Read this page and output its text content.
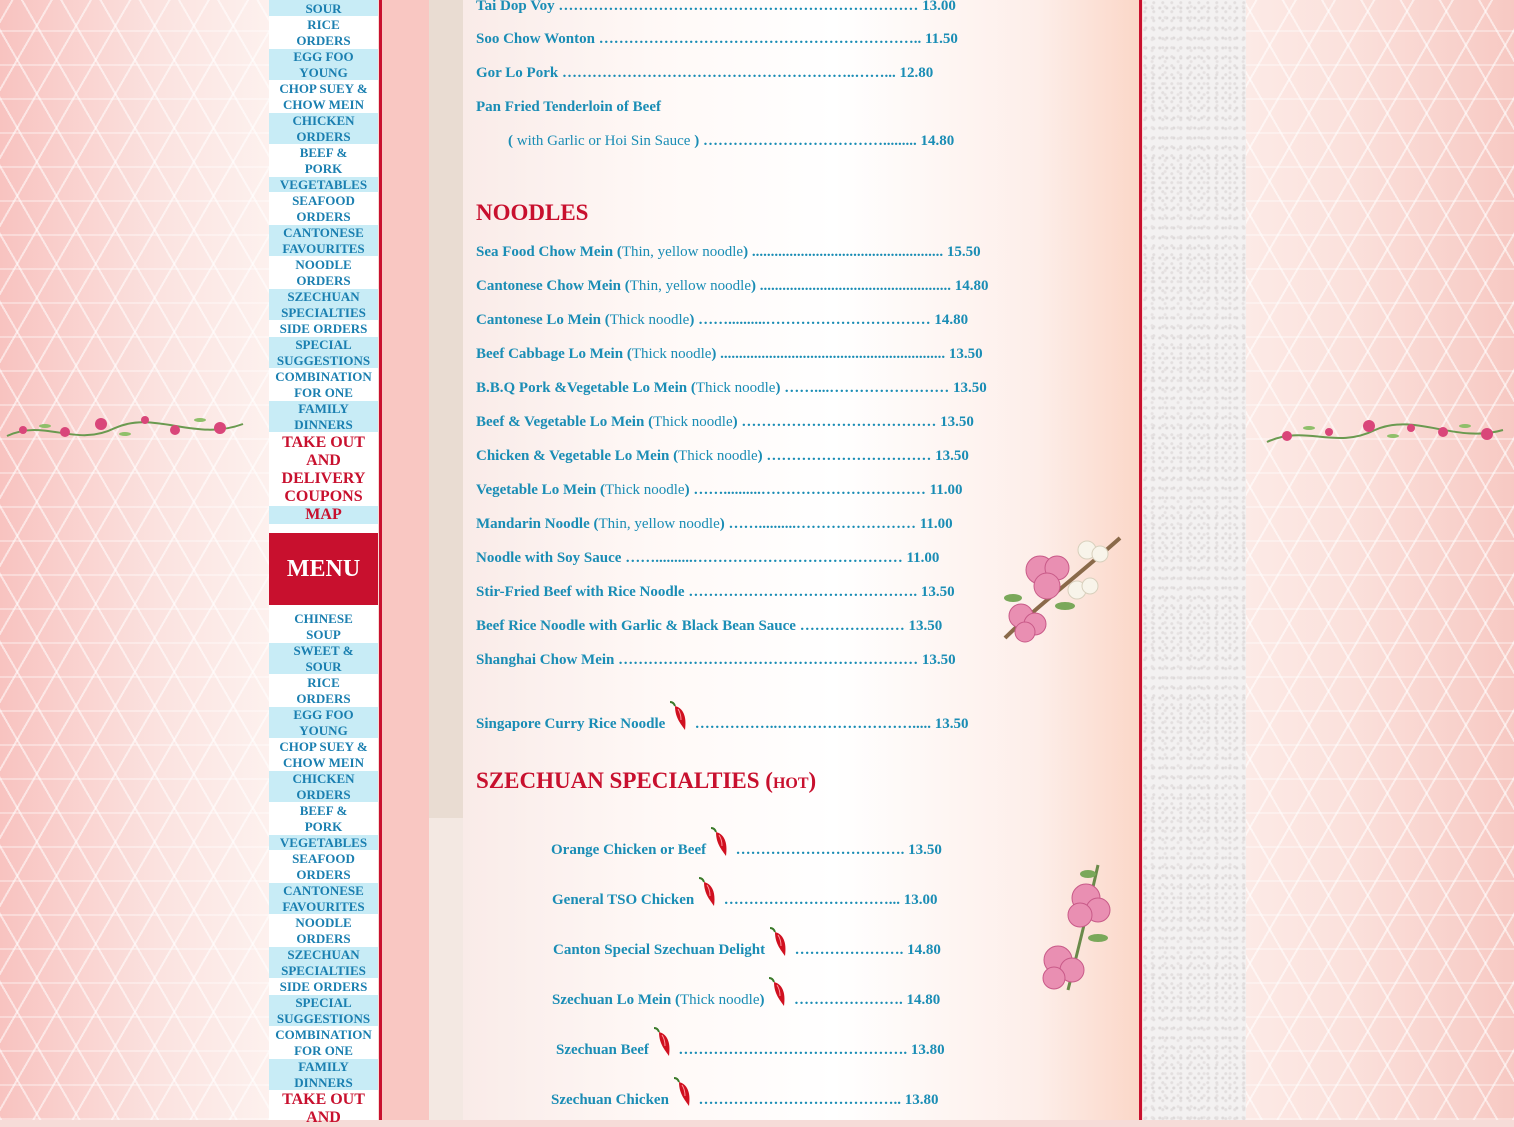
SOUR
RICE
ORDERS
EGG FOO
YOUNG
CHOP SUEY &
CHOW MEIN
CHICKEN
ORDERS
BEEF &
PORK
VEGETABLES
SEAFOOD
ORDERS
CANTONESE
FAVOURITES
NOODLE
ORDERS
SZECHUAN
SPECIALTIES
SIDE ORDERS
SPECIAL
SUGGESTIONS
COMBINATION
FOR ONE
FAMILY
DINNERS
TAKE OUT
AND
DELIVERY
COUPONS
MAP
MENU
CHINESE
SOUP
SWEET &
SOUR
RICE
ORDERS
EGG FOO
YOUNG
CHOP SUEY &
CHOW MEIN
CHICKEN
ORDERS
BEEF &
PORK
VEGETABLES
SEAFOOD
ORDERS
CANTONESE
FAVOURITES
NOODLE
ORDERS
SZECHUAN
SPECIALTIES
SIDE ORDERS
SPECIAL
SUGGESTIONS
COMBINATION
FOR ONE
FAMILY
DINNERS
TAKE OUT
AND
Tai Dop Voy ……………………………………………………………… 13.00
Soo Chow Wonton ……………………………………………………….. 11.50
Gor Lo Pork …………………………………………………..……... 12.80
Pan Fried Tenderloin of Beef
( with Garlic or Hoi Sin Sauce ) ………………………………......... 14.80
NOODLES
Sea Food Chow Mein (Thin, yellow noodle) ................................................... 15.50
Cantonese Chow Mein (Thin, yellow noodle) ................................................... 14.80
Cantonese Lo Mein (Thick noodle) ……..........…………………………… 14.80
Beef Cabbage Lo Mein (Thick noodle) ............................................................ 13.50
B.B.Q Pork &Vegetable Lo Mein (Thick noodle) ……....…………………… 13.50
Beef & Vegetable Lo Mein (Thick noodle) ………………………………… 13.50
Chicken & Vegetable Lo Mein (Thick noodle) …………………………… 13.50
Vegetable Lo Mein (Thick noodle) ……..........…………………………… 11.00
Mandarin Noodle (Thin, yellow noodle) ……..........…………………… 11.00
Noodle with Soy Sauce ……..........…………………………………… 11.00
Stir-Fried Beef with Rice Noodle ………………………………………. 13.50
Beef Rice Noodle with Garlic & Black Bean Sauce ………………… 13.50
Shanghai Chow Mein …………………………………………………… 13.50
Singapore Curry Rice Noodle ……………..………………………..... 13.50
SZECHUAN SPECIALTIES (HOT)
Orange Chicken or Beef ……………………………. 13.50
General TSO Chicken ……………………………... 13.00
Canton Special Szechuan Delight …………………. 14.80
Szechuan Lo Mein (Thick noodle) …………………. 14.80
Szechuan Beef ………………………………………. 13.80
Szechuan Chicken ………………………………….. 13.80
